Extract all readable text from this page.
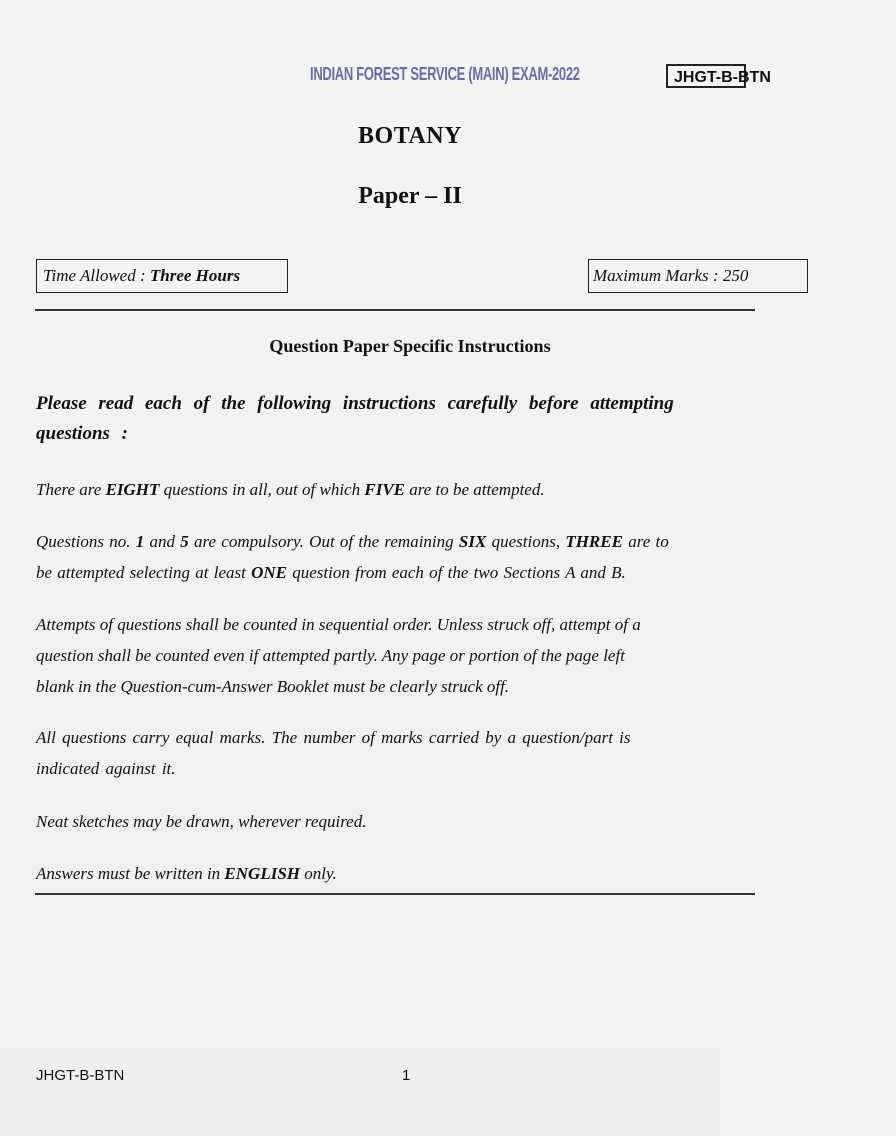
INDIAN FOREST SERVICE (MAIN) EXAM-2022	JHGT-B-BTN
BOTANY
Paper – II
Time Allowed : Three Hours	Maximum Marks : 250
Question Paper Specific Instructions
Please read each of the following instructions carefully before attempting
questions :
There are EIGHT questions in all, out of which FIVE are to be attempted.
Questions no. 1 and 5 are compulsory. Out of the remaining SIX questions, THREE are to
be attempted selecting at least ONE question from each of the two Sections A and B.
Attempts of questions shall be counted in sequential order. Unless struck off, attempt of a
question shall be counted even if attempted partly. Any page or portion of the page left
blank in the Question-cum-Answer Booklet must be clearly struck off.
All questions carry equal marks. The number of marks carried by a question/part is
indicated against it.
Neat sketches may be drawn, wherever required.
Answers must be written in ENGLISH only.
JHGT-B-BTN	1
